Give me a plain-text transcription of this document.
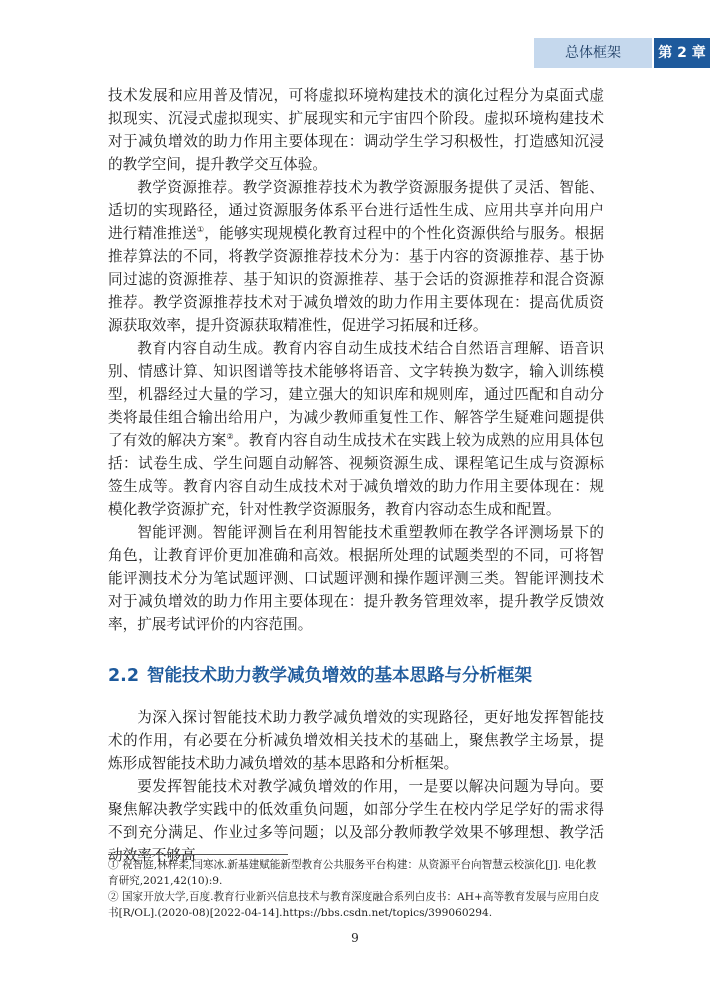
总体框架	第 2 章

技术发展和应用普及情况，可将虚拟环境构建技术的演化过程分为桌面式虚拟现实、沉浸式虚拟现实、扩展现实和元宇宙四个阶段。虚拟环境构建技术对于减负增效的助力作用主要体现在：调动学生学习积极性，打造感知沉浸的教学空间，提升教学交互体验。

教学资源推荐。教学资源推荐技术为教学资源服务提供了灵活、智能、适切的实现路径，通过资源服务体系平台进行适性生成、应用共享并向用户进行精准推送①，能够实现规模化教育过程中的个性化资源供给与服务。根据推荐算法的不同，将教学资源推荐技术分为：基于内容的资源推荐、基于协同过滤的资源推荐、基于知识的资源推荐、基于会话的资源推荐和混合资源推荐。教学资源推荐技术对于减负增效的助力作用主要体现在：提高优质资源获取效率，提升资源获取精准性，促进学习拓展和迁移。

教育内容自动生成。教育内容自动生成技术结合自然语言理解、语音识别、情感计算、知识图谱等技术能够将语音、文字转换为数字，输入训练模型，机器经过大量的学习，建立强大的知识库和规则库，通过匹配和自动分类将最佳组合输出给用户，为减少教师重复性工作、解答学生疑难问题提供了有效的解决方案②。教育内容自动生成技术在实践上较为成熟的应用具体包括：试卷生成、学生问题自动解答、视频资源生成、课程笔记生成与资源标签生成等。教育内容自动生成技术对于减负增效的助力作用主要体现在：规模化教学资源扩充，针对性教学资源服务，教育内容动态生成和配置。

智能评测。智能评测旨在利用智能技术重塑教师在教学各评测场景下的角色，让教育评价更加准确和高效。根据所处理的试题类型的不同，可将智能评测技术分为笔试题评测、口试题评测和操作题评测三类。智能评测技术对于减负增效的助力作用主要体现在：提升教务管理效率，提升教学反馈效率，扩展考试评价的内容范围。

2.2 智能技术助力教学减负增效的基本思路与分析框架

为深入探讨智能技术助力教学减负增效的实现路径，更好地发挥智能技术的作用，有必要在分析减负增效相关技术的基础上，聚焦教学主场景，提炼形成智能技术助力减负增效的基本思路和分析框架。

要发挥智能技术对教学减负增效的作用，一是要以解决问题为导向。要聚焦解决教学实践中的低效重负问题，如部分学生在校内学足学好的需求得不到充分满足、作业过多等问题；以及部分教师教学效果不够理想、教学活动效率不够高

① 祝智庭,林梓柔,闫寒冰.新基建赋能新型教育公共服务平台构建：从资源平台向智慧云校演化[J]. 电化教育研究,2021,42(10):9.

② 国家开放大学,百度.教育行业新兴信息技术与教育深度融合系列白皮书：AH+高等教育发展与应用白皮书[R/OL].(2020-08)[2022-04-14].https://bbs.csdn.net/topics/399060294.

9
